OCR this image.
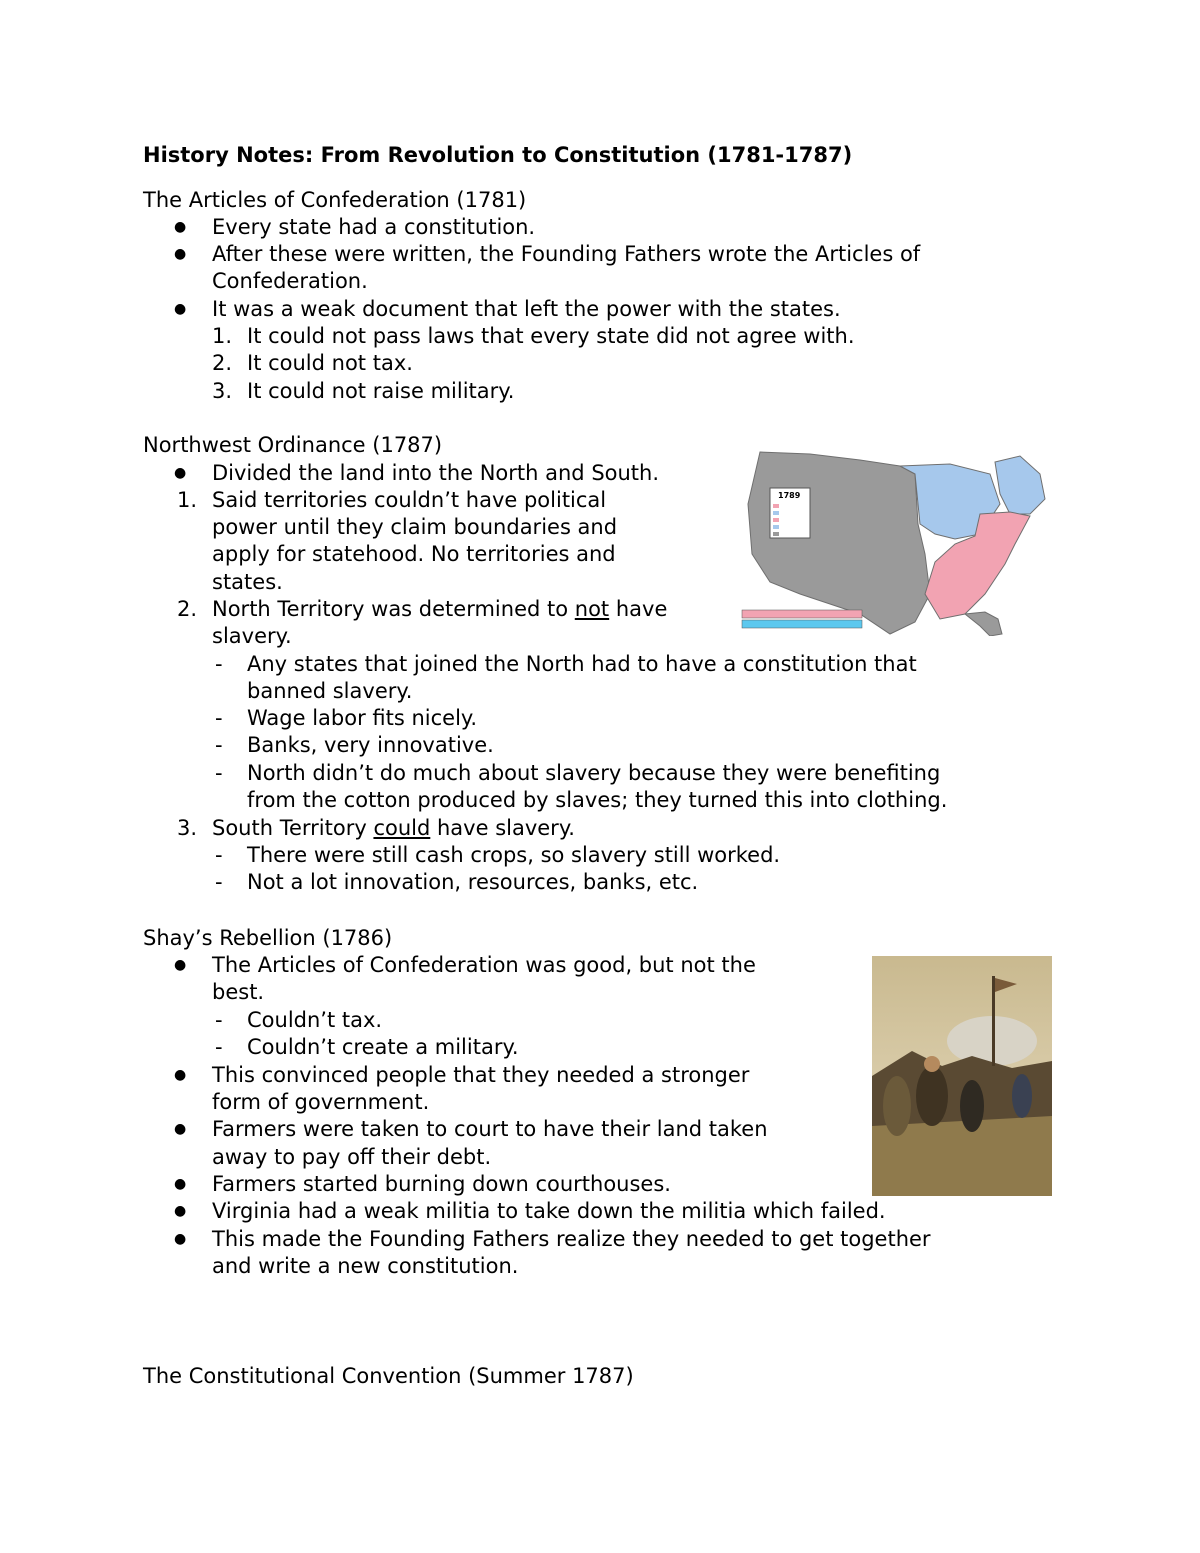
History Notes: From Revolution to Constitution (1781-1787)
The Articles of Confederation (1781)
● Every state had a constitution.
● After these were written, the Founding Fathers wrote the Articles of
Confederation.
● It was a weak document that left the power with the states.
1. It could not pass laws that every state did not agree with.
2. It could not tax.
3. It could not raise military.
Northwest Ordinance (1787)
● Divided the land into the North and South.
1. Said territories couldn’t have political
power until they claim boundaries and
apply for statehood. No territories and
states.
2. North Territory was determined to not have
slavery.
- Any states that joined the North had to have a constitution that
banned slavery.
- Wage labor fits nicely.
- Banks, very innovative.
- North didn’t do much about slavery because they were benefiting
from the cotton produced by slaves; they turned this into clothing.
3. South Territory could have slavery.
- There were still cash crops, so slavery still worked.
- Not a lot innovation, resources, banks, etc.
1789
Shay’s Rebellion (1786)
● The Articles of Confederation was good, but not the
best.
- Couldn’t tax.
- Couldn’t create a military.
● This convinced people that they needed a stronger
form of government.
● Farmers were taken to court to have their land taken
away to pay off their debt.
● Farmers started burning down courthouses.
● Virginia had a weak militia to take down the militia which failed.
● This made the Founding Fathers realize they needed to get together
and write a new constitution.
The Constitutional Convention (Summer 1787)
